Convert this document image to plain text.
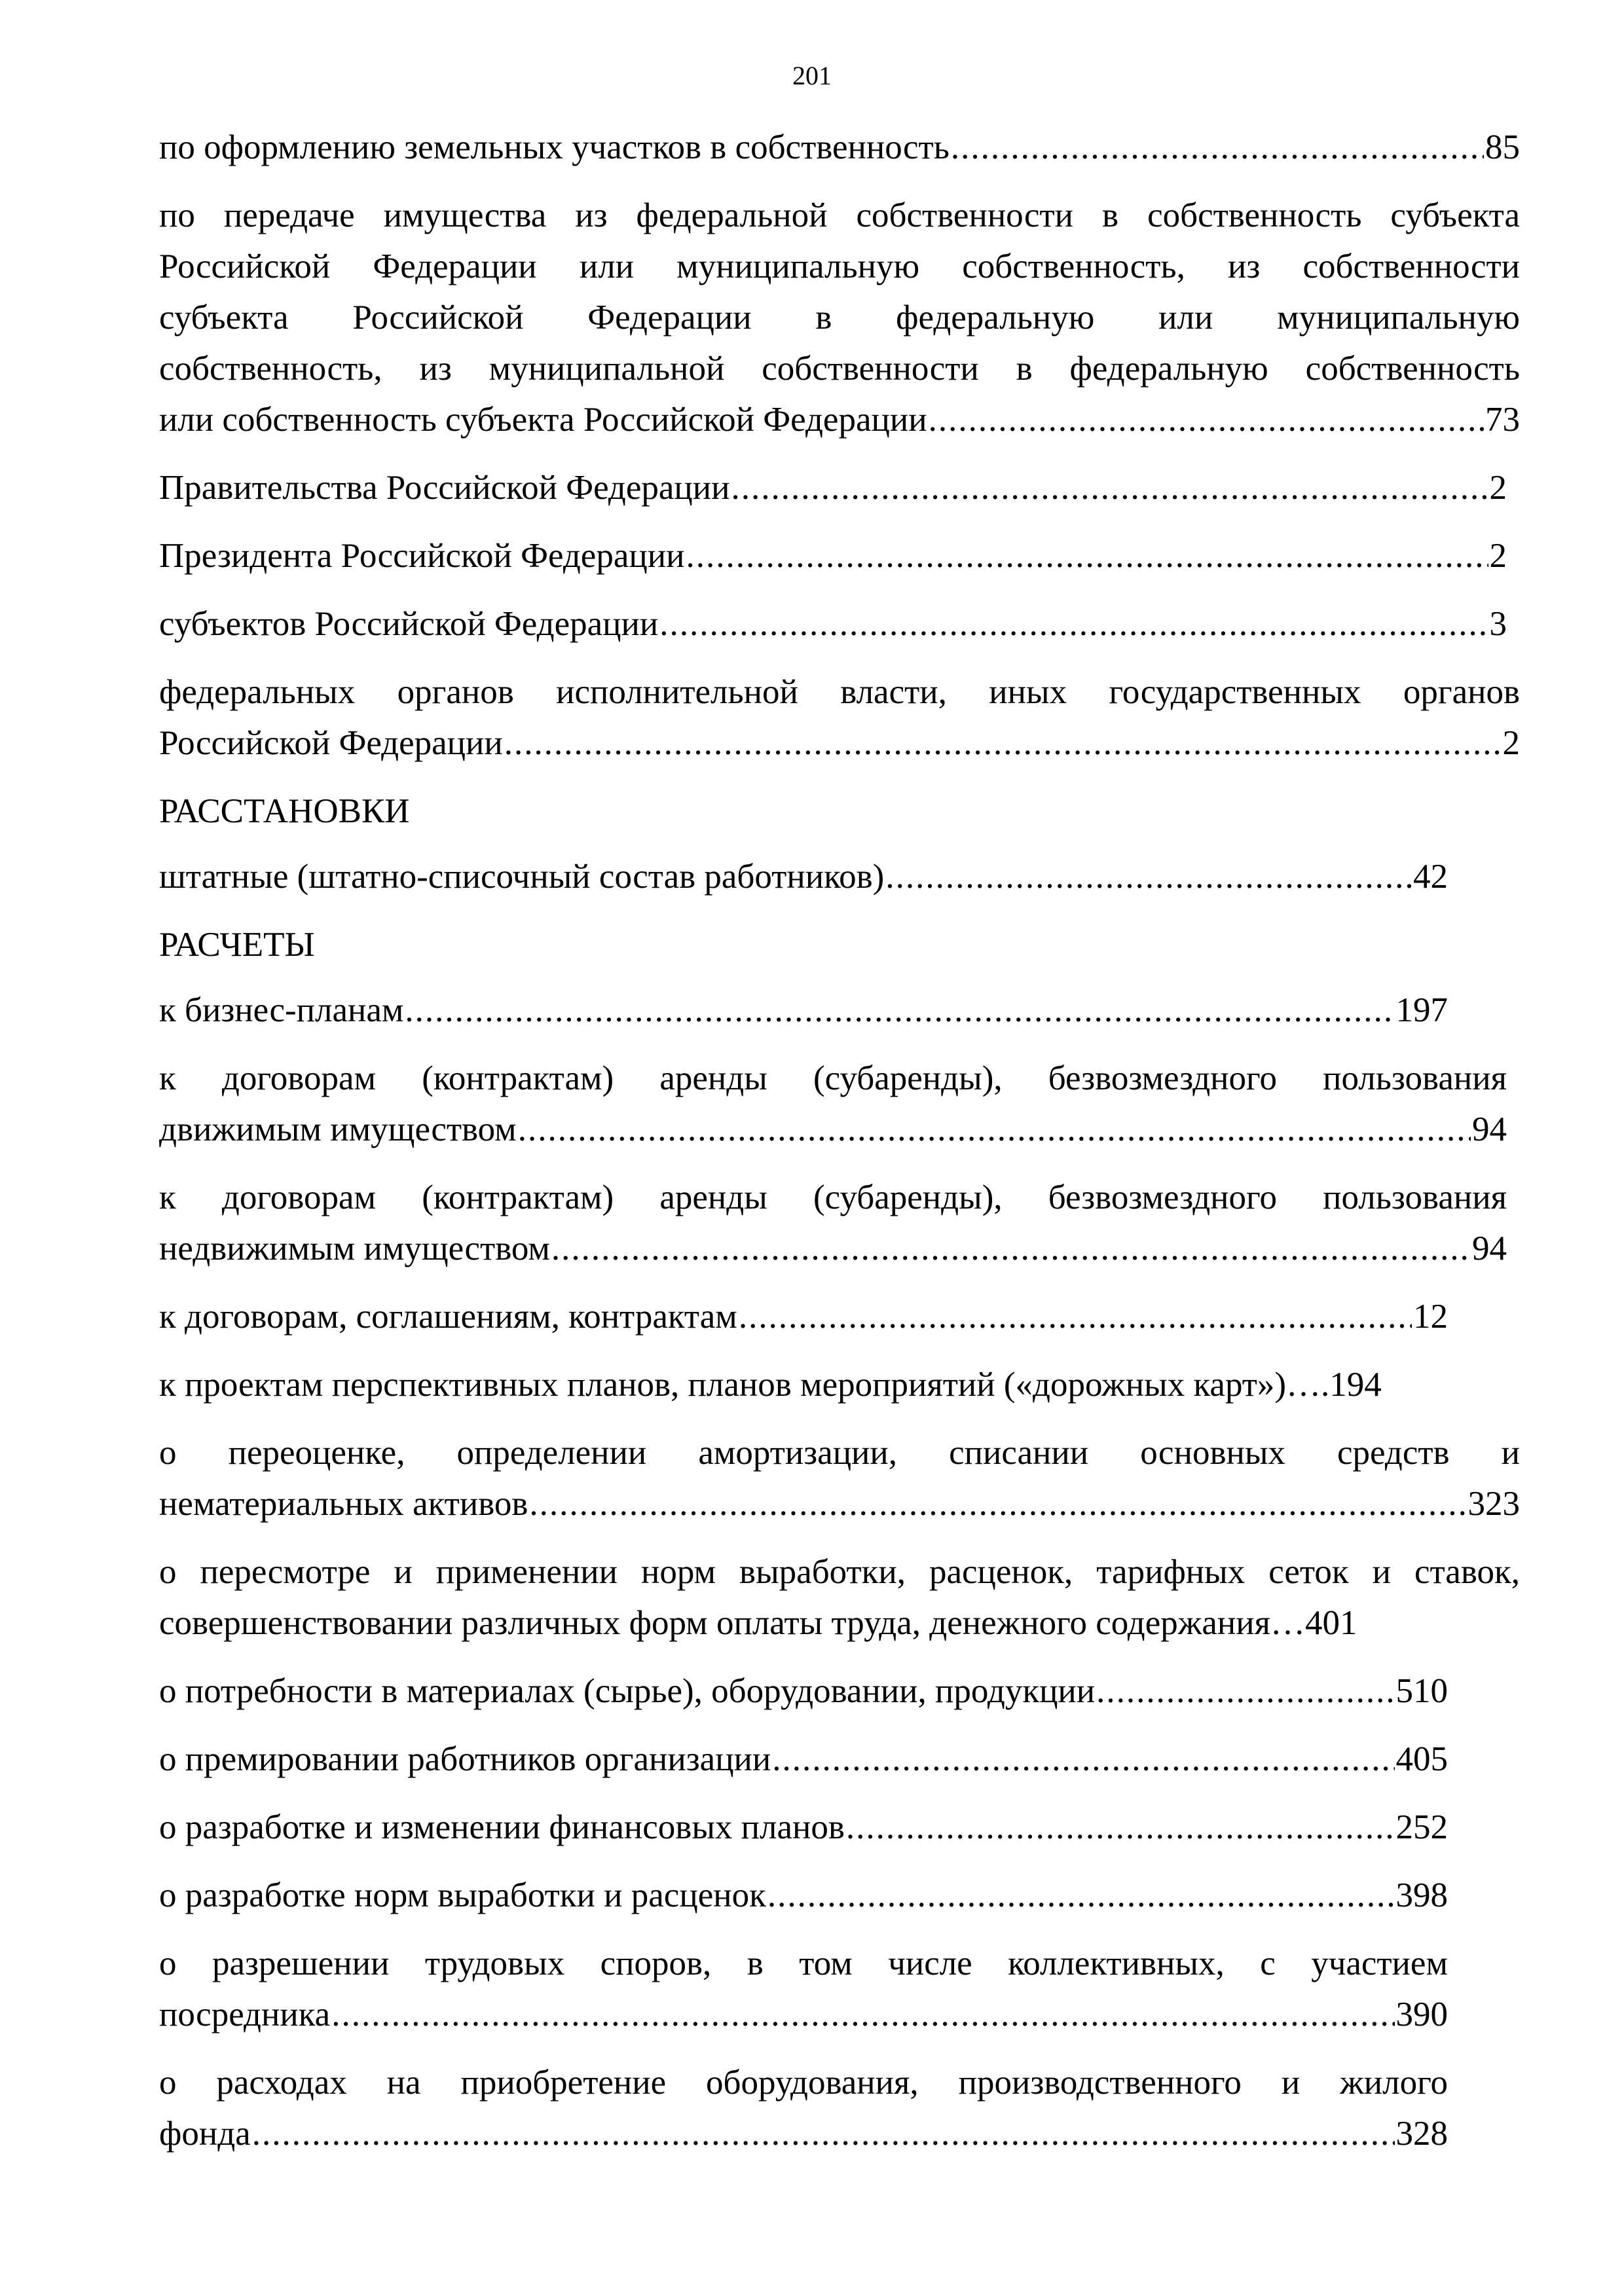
201
по оформлению земельных участков в собственность .....	85
по передаче имущества из федеральной собственности в собственность субъекта
Российской Федерации или муниципальную собственность, из собственности
субъекта Российской Федерации в федеральную или муниципальную
собственность, из муниципальной собственности в федеральную собственность
или собственность субъекта Российской Федерации .....	73
Правительства Российской Федерации .....	2
Президента Российской Федерации .....	2
субъектов Российской Федерации .....	3
федеральных органов исполнительной власти, иных государственных органов
Российской Федерации .....	2
РАССТАНОВКИ
штатные (штатно-списочный состав работников) .....	42
РАСЧЕТЫ
к бизнес-планам .....	197
к договорам (контрактам) аренды (субаренды), безвозмездного пользования
движимым имуществом .....	94
к договорам (контрактам) аренды (субаренды), безвозмездного пользования
недвижимым имуществом .....	94
к договорам, соглашениям, контрактам .....	12
к проектам перспективных планов, планов мероприятий («дорожных карт»)….194
о переоценке, определении амортизации, списании основных средств и
нематериальных активов .....	323
о пересмотре и применении норм выработки, расценок, тарифных сеток и ставок,
совершенствовании различных форм оплаты труда, денежного содержания…401
о потребности в материалах (сырье), оборудовании, продукции .....	510
о премировании работников организации .....	405
о разработке и изменении финансовых планов .....	252
о разработке норм выработки и расценок .....	398
о разрешении трудовых споров, в том числе коллективных, с участием
посредника .....	390
о расходах на приобретение оборудования, производственного и жилого
фонда .....	328
